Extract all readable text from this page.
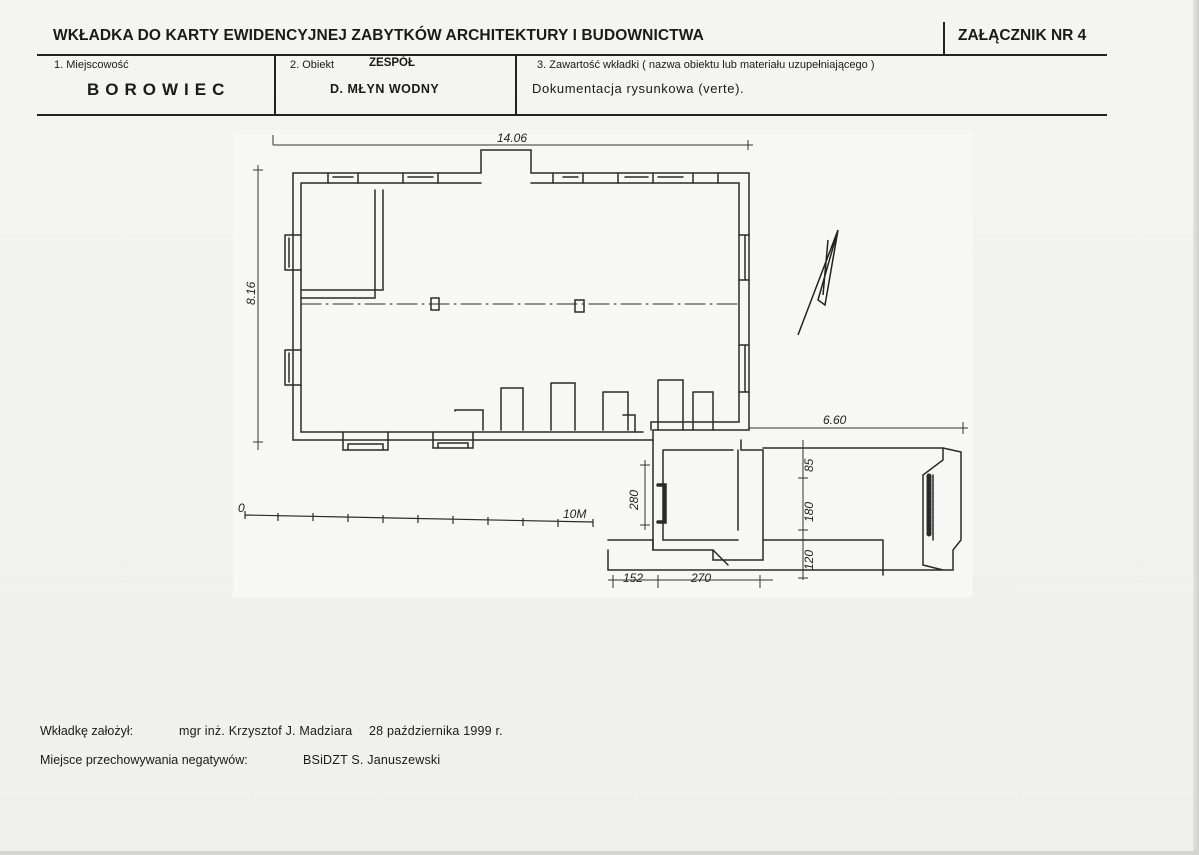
WKŁADKA DO KARTY EWIDENCYJNEJ ZABYTKÓW ARCHITEKTURY I BUDOWNICTWA	ZAŁĄCZNIK NR 4
1. Miejscowość
BOROWIEC
2. Obiekt	ZESPÓŁ
D. MŁYN WODNY
3. Zawartość wkładki ( nazwa obiektu lub materiału uzupełniającego )
Dokumentacja rysunkowa (verte).
14.06
8.16
6.60
85
180
120
280
152	270
0	10M
Wkładkę założył:	mgr inż. Krzysztof J. Madziara 28 października 1999 r.
Miejsce przechowywania negatywów:	BSiDZT S. Januszewski
